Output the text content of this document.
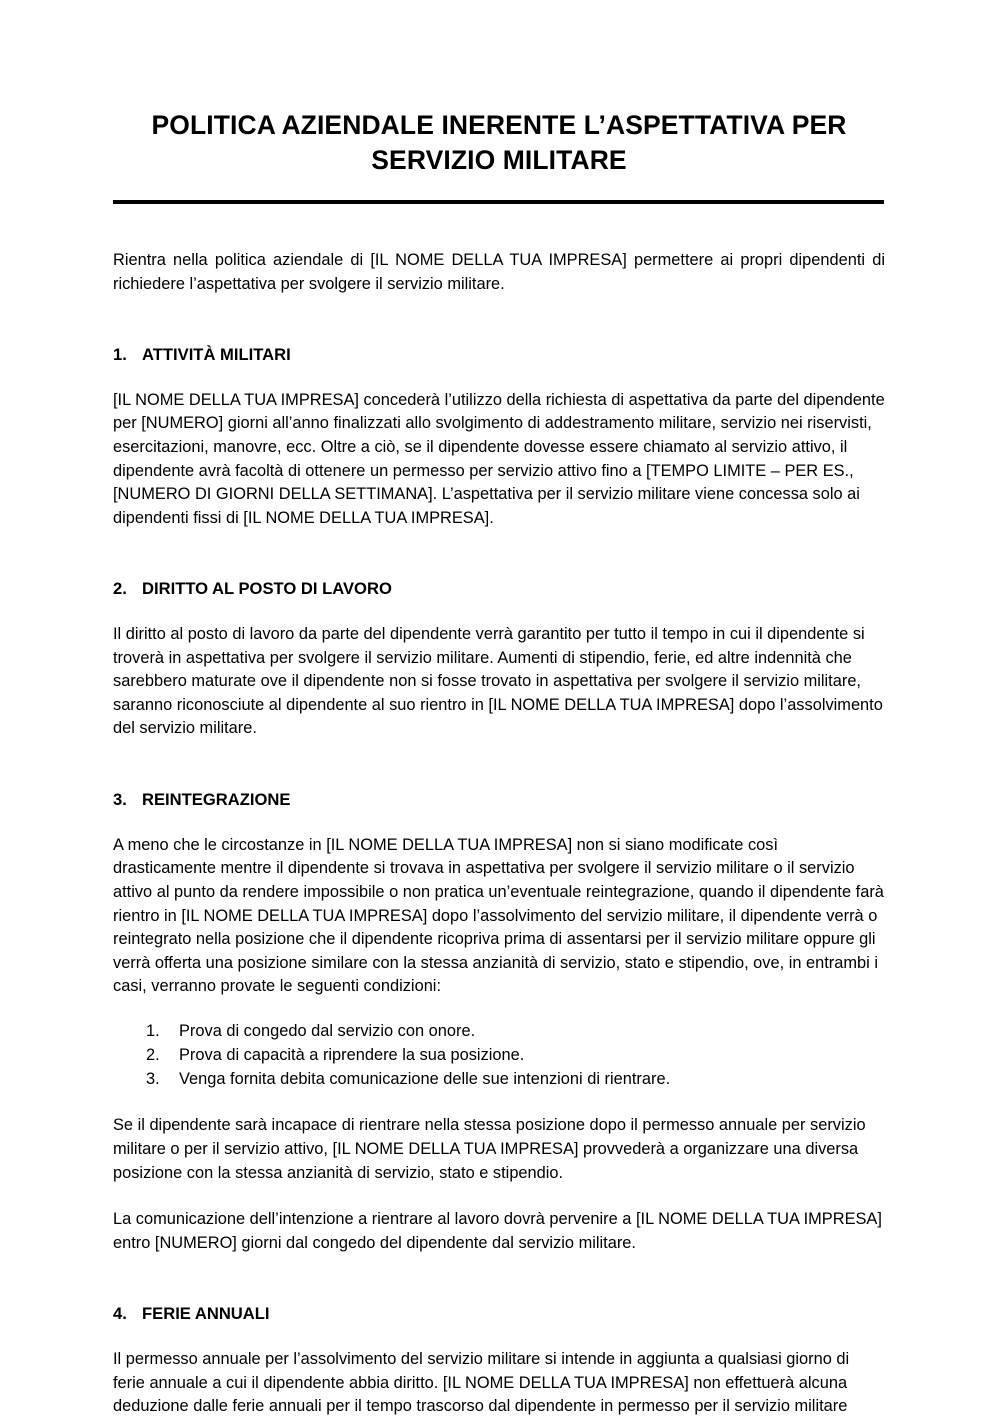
POLITICA AZIENDALE INERENTE L’ASPETTATIVA PER SERVIZIO MILITARE

Rientra nella politica aziendale di [IL NOME DELLA TUA IMPRESA] permettere ai propri dipendenti di richiedere l’aspettativa per svolgere il servizio militare.

1. ATTIVITÀ MILITARI

[IL NOME DELLA TUA IMPRESA] concederà l’utilizzo della richiesta di aspettativa da parte del dipendente per [NUMERO] giorni all’anno finalizzati allo svolgimento di addestramento militare, servizio nei riservisti, esercitazioni, manovre, ecc. Oltre a ciò, se il dipendente dovesse essere chiamato al servizio attivo, il dipendente avrà facoltà di ottenere un permesso per servizio attivo fino a [TEMPO LIMITE – PER ES., [NUMERO DI GIORNI DELLA SETTIMANA]. L’aspettativa per il servizio militare viene concessa solo ai dipendenti fissi di [IL NOME DELLA TUA IMPRESA].

2. DIRITTO AL POSTO DI LAVORO

Il diritto al posto di lavoro da parte del dipendente verrà garantito per tutto il tempo in cui il dipendente si troverà in aspettativa per svolgere il servizio militare. Aumenti di stipendio, ferie, ed altre indennità che sarebbero maturate ove il dipendente non si fosse trovato in aspettativa per svolgere il servizio militare, saranno riconosciute al dipendente al suo rientro in [IL NOME DELLA TUA IMPRESA] dopo l’assolvimento del servizio militare.

3. REINTEGRAZIONE

A meno che le circostanze in [IL NOME DELLA TUA IMPRESA] non si siano modificate così drasticamente mentre il dipendente si trovava in aspettativa per svolgere il servizio militare o il servizio attivo al punto da rendere impossibile o non pratica un’eventuale reintegrazione, quando il dipendente farà rientro in [IL NOME DELLA TUA IMPRESA] dopo l’assolvimento del servizio militare, il dipendente verrà o reintegrato nella posizione che il dipendente ricopriva prima di assentarsi per il servizio militare oppure gli verrà offerta una posizione similare con la stessa anzianità di servizio, stato e stipendio, ove, in entrambi i casi, verranno provate le seguenti condizioni:

1.	Prova di congedo dal servizio con onore.
2.	Prova di capacità a riprendere la sua posizione.
3.	Venga fornita debita comunicazione delle sue intenzioni di rientrare.

Se il dipendente sarà incapace di rientrare nella stessa posizione dopo il permesso annuale per servizio militare o per il servizio attivo, [IL NOME DELLA TUA IMPRESA] provvederà a organizzare una diversa posizione con la stessa anzianità di servizio, stato e stipendio.

La comunicazione dell’intenzione a rientrare al lavoro dovrà pervenire a [IL NOME DELLA TUA IMPRESA] entro [NUMERO] giorni dal congedo del dipendente dal servizio militare.

4. FERIE ANNUALI

Il permesso annuale per l’assolvimento del servizio militare si intende in aggiunta a qualsiasi giorno di ferie annuale a cui il dipendente abbia diritto. [IL NOME DELLA TUA IMPRESA] non effettuerà alcuna deduzione dalle ferie annuali per il tempo trascorso dal dipendente in permesso per il servizio militare
